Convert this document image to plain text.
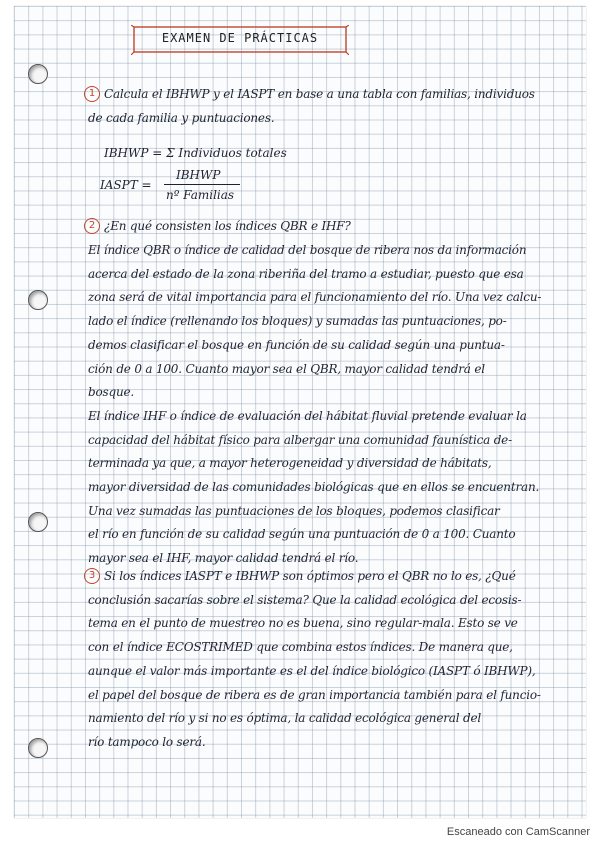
EXAMEN DE PRÁCTICAS
1 Calcula el IBHWP y el IASPT en base a una tabla con familias, individuos
de cada familia y puntuaciones.
IBHWP = Σ Individuos totales
IASPT =
IBHWP
nº Familias
2 ¿En qué consisten los índices QBR e IHF?
El índice QBR o índice de calidad del bosque de ribera nos da información
acerca del estado de la zona riberiña del tramo a estudiar, puesto que esa
zona será de vital importancia para el funcionamiento del río. Una vez calcu-
lado el índice (rellenando los bloques) y sumadas las puntuaciones, po-
demos clasificar el bosque en función de su calidad según una puntua-
ción de 0 a 100. Cuanto mayor sea el QBR, mayor calidad tendrá el
bosque.
El índice IHF o índice de evaluación del hábitat fluvial pretende evaluar la
capacidad del hábitat físico para albergar una comunidad faunística de-
terminada ya que, a mayor heterogeneidad y diversidad de hábitats,
mayor diversidad de las comunidades biológicas que en ellos se encuentran.
Una vez sumadas las puntuaciones de los bloques, podemos clasificar
el río en función de su calidad según una puntuación de 0 a 100. Cuanto
mayor sea el IHF, mayor calidad tendrá el río.
3 Si los índices IASPT e IBHWP son óptimos pero el QBR no lo es, ¿Qué
conclusión sacarías sobre el sistema? Que la calidad ecológica del ecosis-
tema en el punto de muestreo no es buena, sino regular-mala. Esto se ve
con el índice ECOSTRIMED que combina estos índices. De manera que,
aunque el valor más importante es el del índice biológico (IASPT ó IBHWP),
el papel del bosque de ribera es de gran importancia también para el funcio-
namiento del río y si no es óptima, la calidad ecológica general del
río tampoco lo será.
Escaneado con CamScanner
